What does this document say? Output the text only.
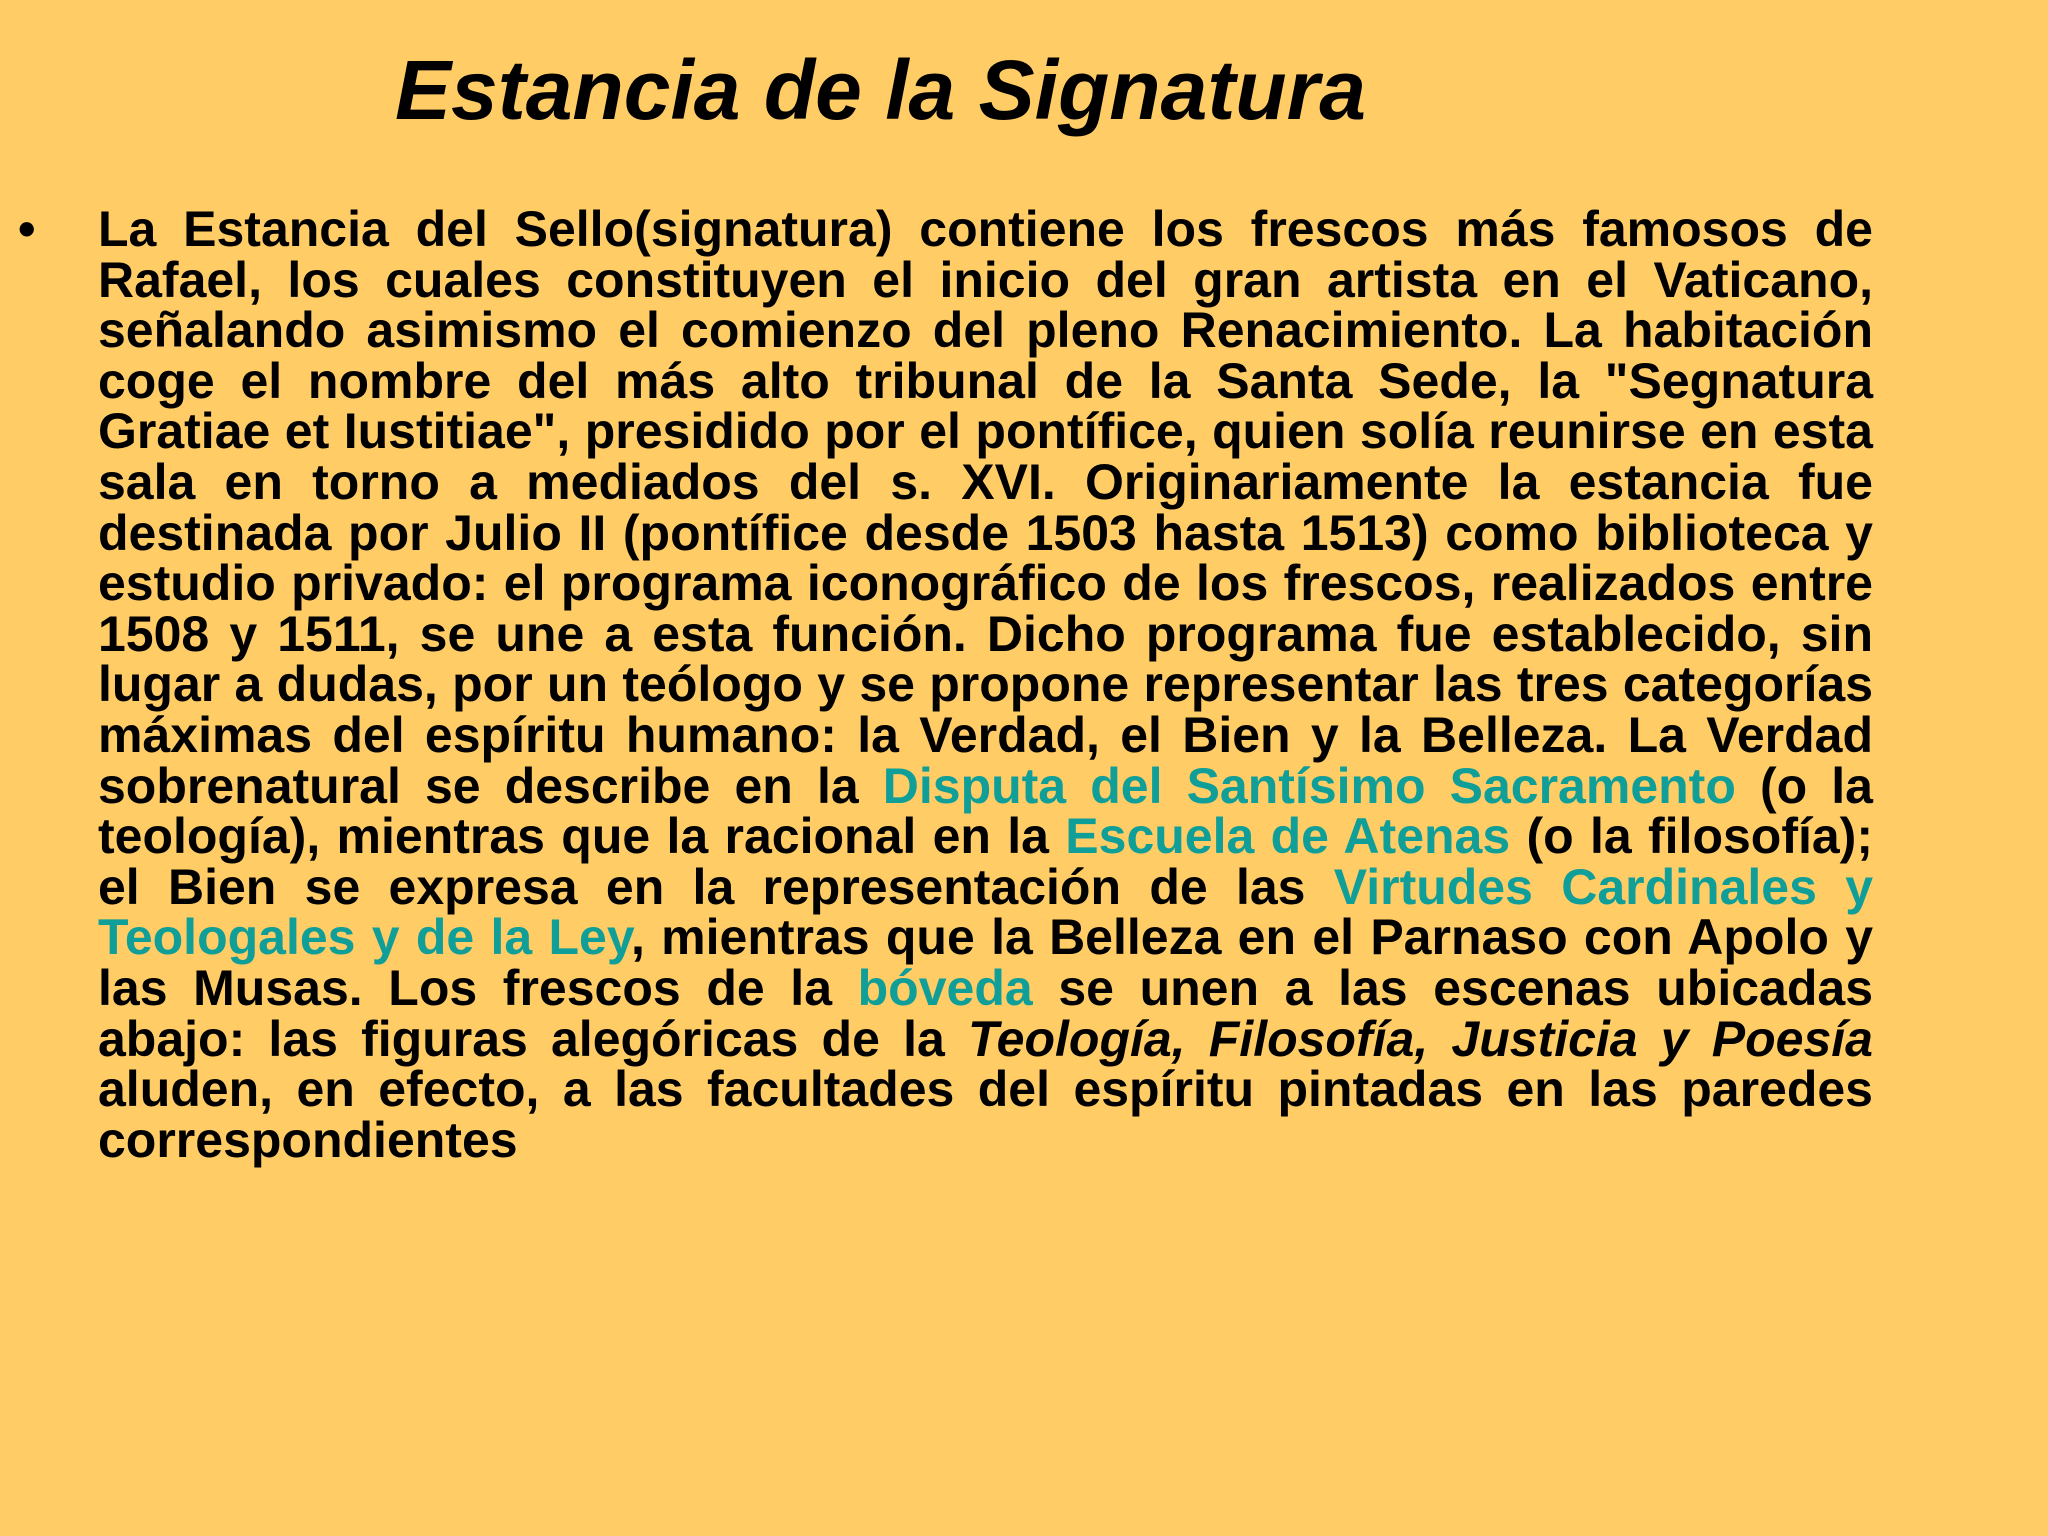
Estancia de la Signatura
•	La Estancia del Sello(signatura) contiene los frescos más famosos de Rafael, los cuales constituyen el inicio del gran artista en el Vaticano, señalando asimismo el comienzo del pleno Renacimiento. La habitación coge el nombre del más alto tribunal de la Santa Sede, la "Segnatura Gratiae et Iustitiae", presidido por el pontífice, quien solía reunirse en esta sala en torno a mediados del s. XVI. Originariamente la estancia fue destinada por Julio II (pontífice desde 1503 hasta 1513) como biblioteca y estudio privado: el programa iconográfico de los frescos, realizados entre 1508 y 1511, se une a esta función. Dicho programa fue establecido, sin lugar a dudas, por un teólogo y se propone representar las tres categorías máximas del espíritu humano: la Verdad, el Bien y la Belleza. La Verdad sobrenatural se describe en la Disputa del Santísimo Sacramento (o la teología), mientras que la racional en la Escuela de Atenas (o la filosofía); el Bien se expresa en la representación de las Virtudes Cardinales y Teologales y de la Ley, mientras que la Belleza en el Parnaso con Apolo y las Musas. Los frescos de la bóveda se unen a las escenas ubicadas abajo: las figuras alegóricas de la Teología, Filosofía, Justicia y Poesía aluden, en efecto, a las facultades del espíritu pintadas en las paredes correspondientes
